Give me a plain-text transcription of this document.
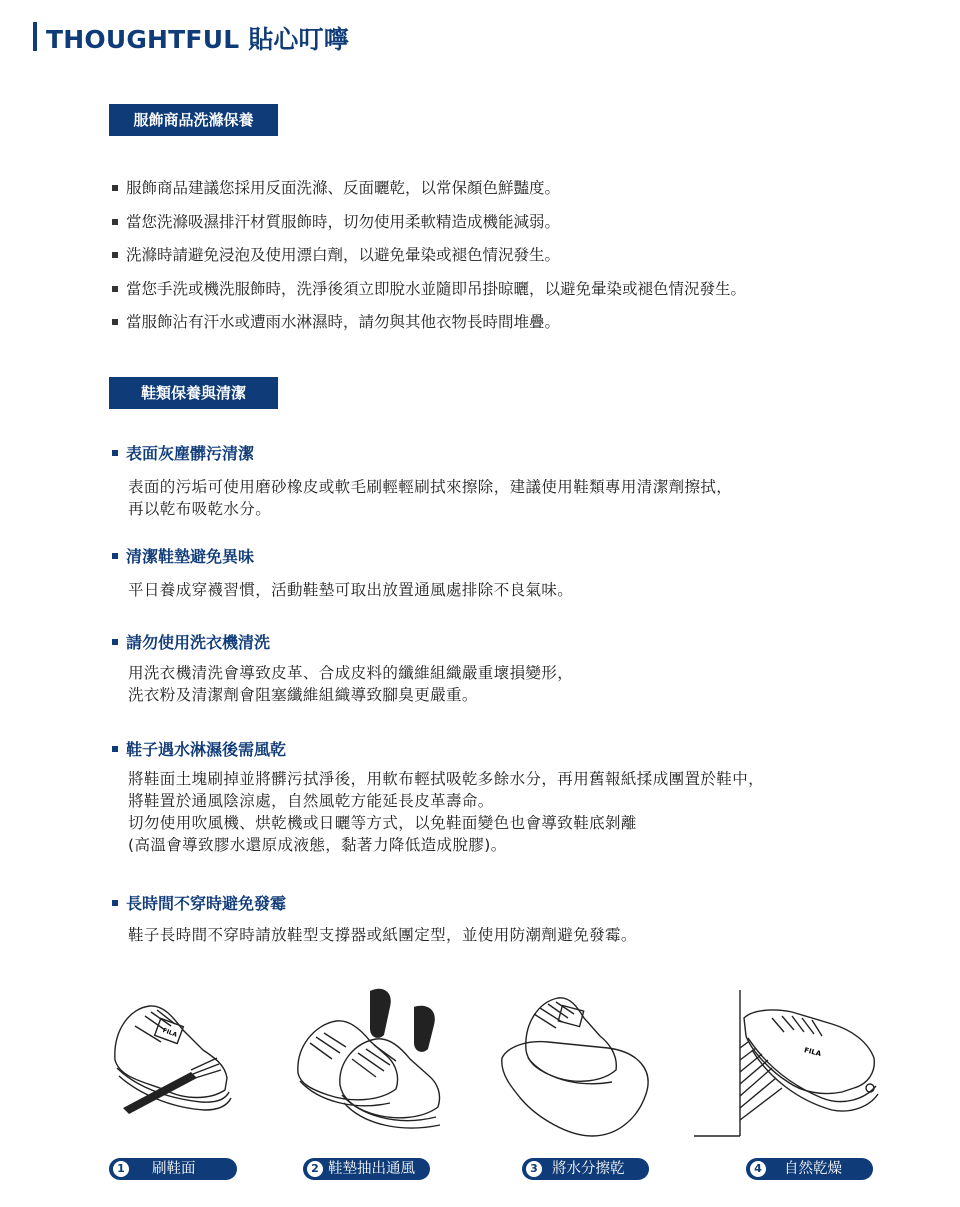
THOUGHTFUL 貼心叮嚀
服飾商品洗滌保養
服飾商品建議您採用反面洗滌、反面曬乾，以常保顏色鮮豔度。
當您洗滌吸濕排汗材質服飾時，切勿使用柔軟精造成機能減弱。
洗滌時請避免浸泡及使用漂白劑，以避免暈染或褪色情況發生。
當您手洗或機洗服飾時，洗淨後須立即脫水並隨即吊掛晾曬，以避免暈染或褪色情況發生。
當服飾沾有汗水或遭雨水淋濕時，請勿與其他衣物長時間堆疊。
鞋類保養與清潔
表面灰塵髒污清潔
表面的污垢可使用磨砂橡皮或軟毛刷輕輕刷拭來擦除，建議使用鞋類專用清潔劑擦拭，
再以乾布吸乾水分。
清潔鞋墊避免異味
平日養成穿襪習慣，活動鞋墊可取出放置通風處排除不良氣味。
請勿使用洗衣機清洗
用洗衣機清洗會導致皮革、合成皮料的纖維組織嚴重壞損變形，
洗衣粉及清潔劑會阻塞纖維組織導致腳臭更嚴重。
鞋子遇水淋濕後需風乾
將鞋面土塊刷掉並將髒污拭淨後，用軟布輕拭吸乾多餘水分，再用舊報紙揉成團置於鞋中，
將鞋置於通風陰涼處，自然風乾方能延長皮革壽命。
切勿使用吹風機、烘乾機或日曬等方式，以免鞋面變色也會導致鞋底剝離
(高溫會導致膠水還原成液態，黏著力降低造成脫膠)。
長時間不穿時避免發霉
鞋子長時間不穿時請放鞋型支撐器或紙團定型，並使用防潮劑避免發霉。
FILA
FILA
1 刷鞋面	2 鞋墊抽出通風	3 將水分擦乾	4 自然乾燥
